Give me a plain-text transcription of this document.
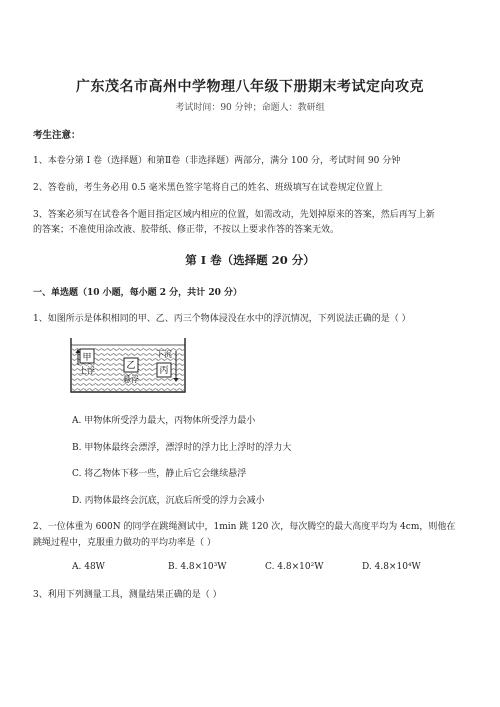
广东茂名市高州中学物理八年级下册期末考试定向攻克
考试时间：90 分钟；命题人：教研组
考生注意：
1、本卷分第 I 卷（选择题）和第Ⅱ卷（非选择题）两部分，满分 100 分，考试时间 90 分钟
2、答卷前，考生务必用 0.5 毫米黑色签字笔将自己的姓名、班级填写在试卷规定位置上
3、答案必须写在试卷各个题目指定区域内相应的位置，如需改动，先划掉原来的答案，然后再写上新
的答案；不准使用涂改液、胶带纸、修正带，不按以上要求作答的答案无效。
第 I 卷（选择题 20 分）
一、单选题（10 小题，每小题 2 分，共计 20 分）
1、如图所示是体积相同的甲、乙、丙三个物体浸没在水中的浮沉情况，下列说法正确的是（ ）
甲
上浮	乙
悬浮
下沉
丙
A. 甲物体所受浮力最大，丙物体所受浮力最小
B. 甲物体最终会漂浮，漂浮时的浮力比上浮时的浮力大
C. 将乙物体下移一些，静止后它会继续悬浮
D. 丙物体最终会沉底，沉底后所受的浮力会减小
2、一位体重为 600N 的同学在跳绳测试中，1min 跳 120 次，每次腾空的最大高度平均为 4cm，则他在
跳绳过程中，克服重力做功的平均功率是（ ）
A. 48W	B. 4.8×10³W	C. 4.8×10²W	D. 4.8×10⁴W
3、利用下列测量工具，测量结果正确的是（ ）
